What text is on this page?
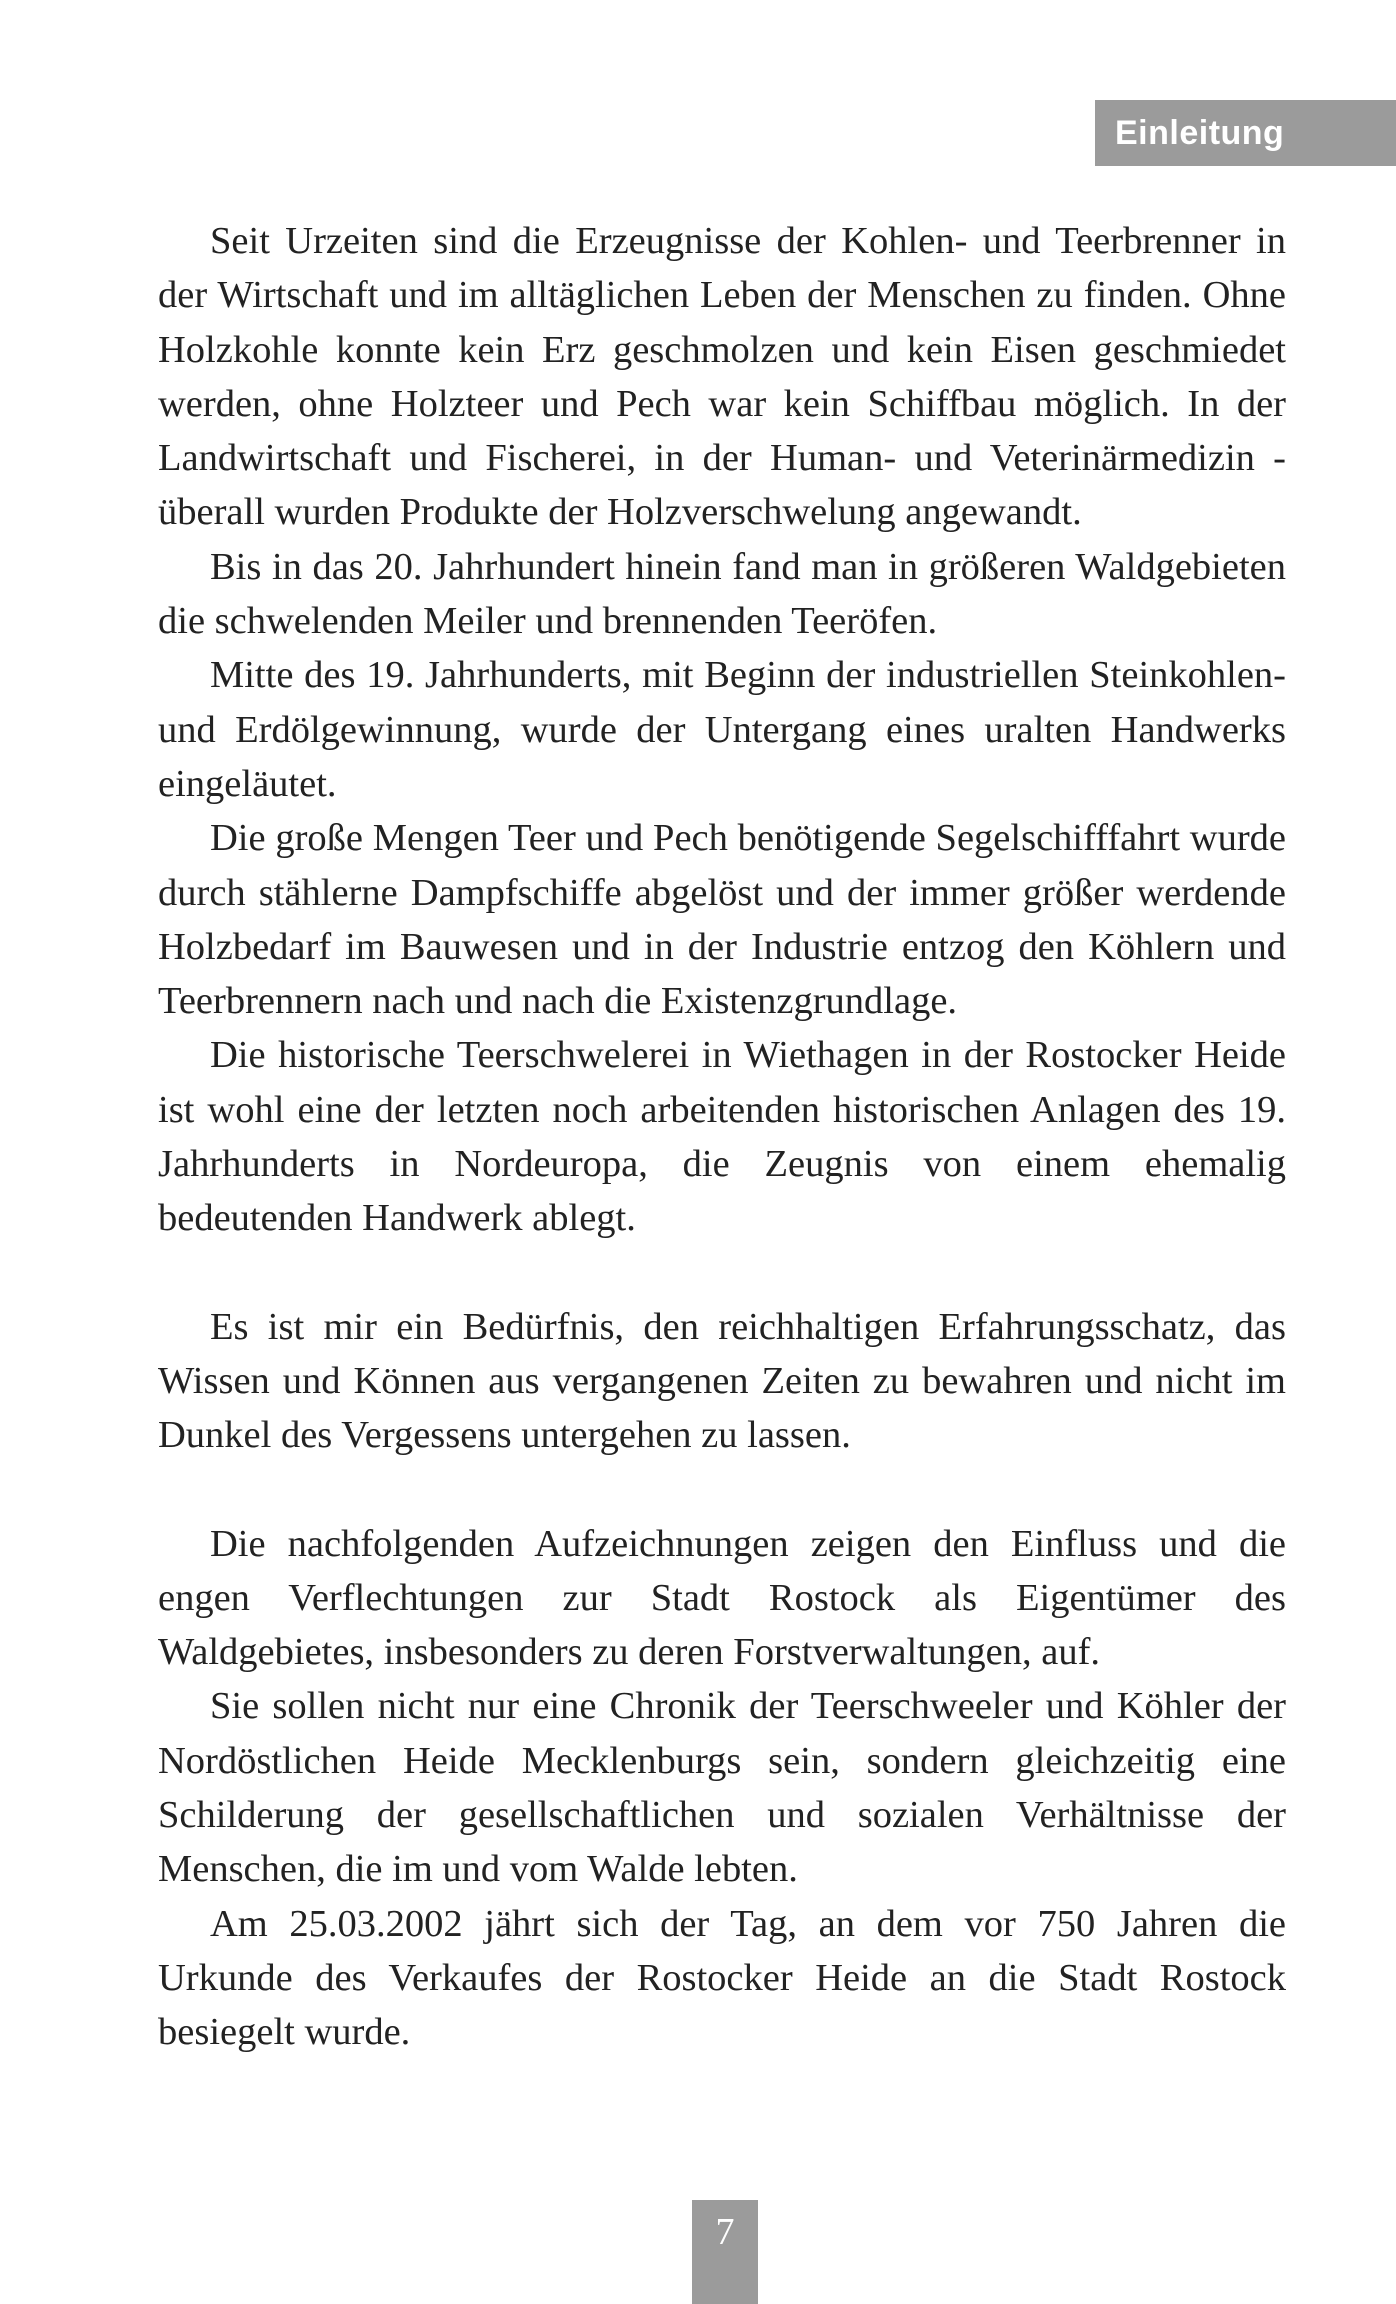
Einleitung

Seit Urzeiten sind die Erzeugnisse der Kohlen- und Teerbrenner in der Wirtschaft und im alltäglichen Leben der Menschen zu finden. Ohne Holzkohle konnte kein Erz geschmolzen und kein Eisen geschmiedet werden, ohne Holzteer und Pech war kein Schiffbau möglich. In der Landwirtschaft und Fischerei, in der Human- und Veterinärmedizin - überall wurden Produkte der Holzverschwelung angewandt.

Bis in das 20. Jahrhundert hinein fand man in größeren Waldgebieten die schwelenden Meiler und brennenden Teeröfen.

Mitte des 19. Jahrhunderts, mit Beginn der industriellen Steinkohlen- und Erdölgewinnung, wurde der Untergang eines uralten Handwerks eingeläutet.

Die große Mengen Teer und Pech benötigende Segelschifffahrt wurde durch stählerne Dampfschiffe abgelöst und der immer größer werdende Holzbedarf im Bauwesen und in der Industrie entzog den Köhlern und Teerbrennern nach und nach die Existenzgrundlage.

Die historische Teerschwelerei in Wiethagen in der Rostocker Heide ist wohl eine der letzten noch arbeitenden historischen Anlagen des 19. Jahrhunderts in Nordeuropa, die Zeugnis von einem ehemalig bedeutenden Handwerk ablegt.

Es ist mir ein Bedürfnis, den reichhaltigen Erfahrungsschatz, das Wissen und Können aus vergangenen Zeiten zu bewahren und nicht im Dunkel des Vergessens untergehen zu lassen.

Die nachfolgenden Aufzeichnungen zeigen den Einfluss und die engen Verflechtungen zur Stadt Rostock als Eigentümer des Waldgebietes, insbesonders zu deren Forstverwaltungen, auf.

Sie sollen nicht nur eine Chronik der Teerschweeler und Köhler der Nordöstlichen Heide Mecklenburgs sein, sondern gleichzeitig eine Schilderung der gesellschaftlichen und sozialen Verhältnisse der Menschen, die im und vom Walde lebten.

Am 25.03.2002 jährt sich der Tag, an dem vor 750 Jahren die Urkunde des Verkaufes der Rostocker Heide an die Stadt Rostock besiegelt wurde.

7
